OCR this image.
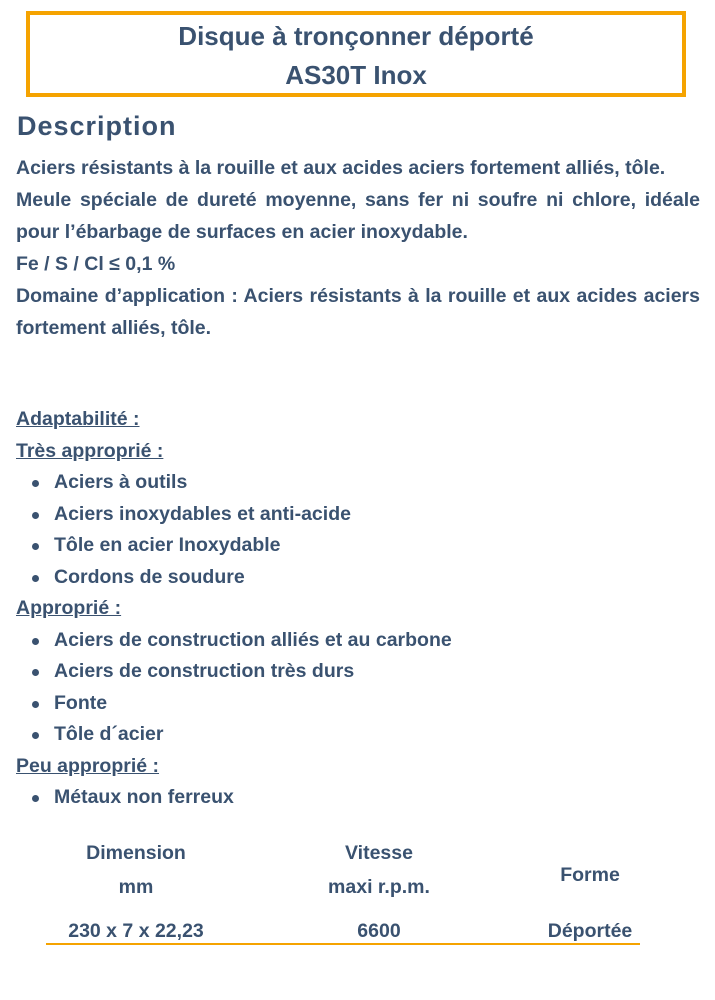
Disque à tronçonner déporté
AS30T Inox
Description

Aciers résistants à la rouille et aux acides aciers fortement alliés, tôle.

Meule spéciale de dureté moyenne, sans fer ni soufre ni chlore, idéale pour l’ébarbage de surfaces en acier inoxydable.

Fe / S / Cl ≤ 0,1 %

Domaine d’application : Aciers résistants à la rouille et aux acides aciers fortement alliés, tôle.

Adaptabilité :
Très approprié :
Aciers à outils
Aciers inoxydables et anti-acide
Tôle en acier Inoxydable
Cordons de soudure
Approprié :
Aciers de construction alliés et au carbone
Aciers de construction très durs
Fonte
Tôle d´acier
Peu approprié :
Métaux non ferreux
Dimension
mm
Vitesse
maxi r.p.m.
Forme
230 x 7 x 22,23	6600	Déportée
